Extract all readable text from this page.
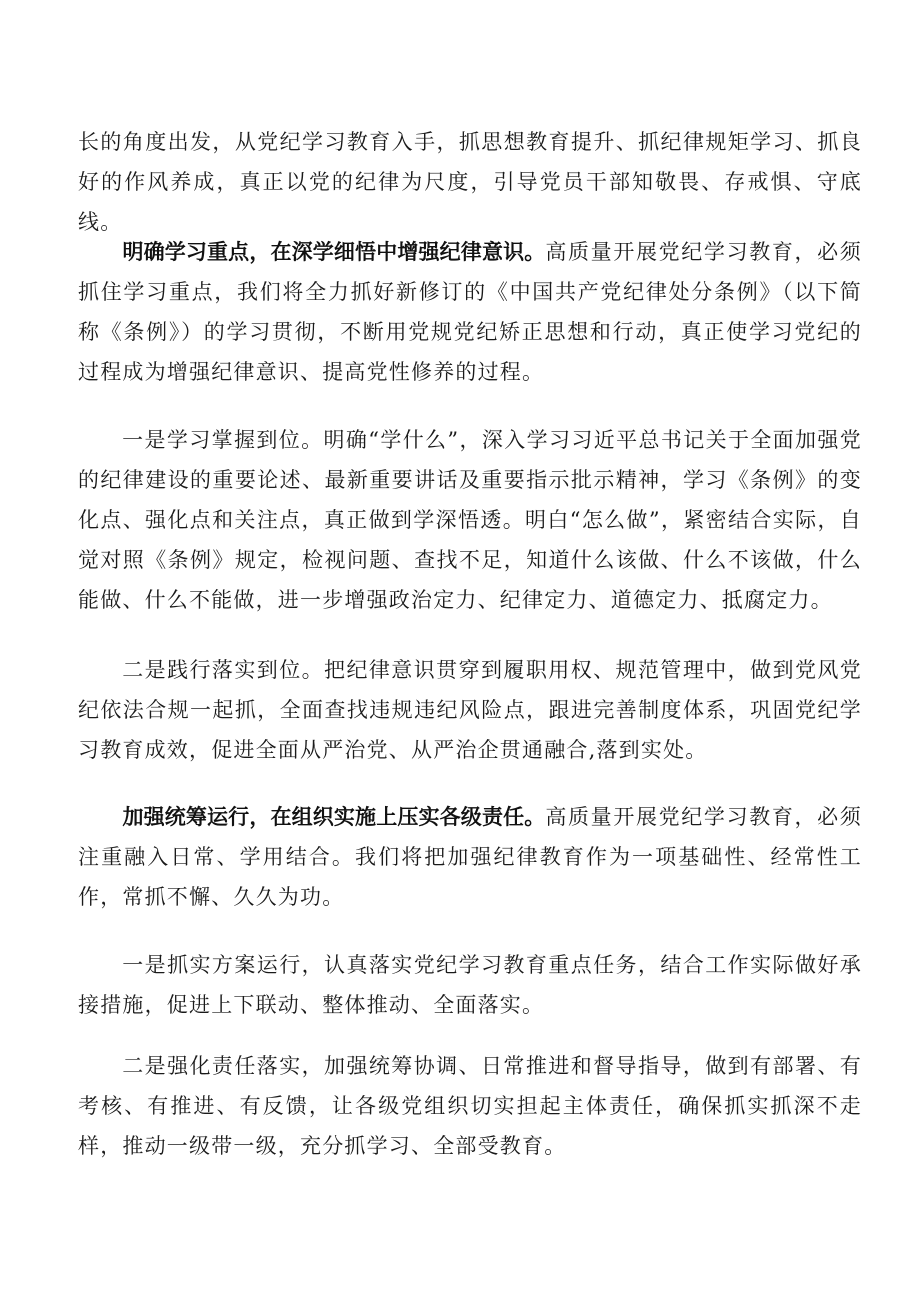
长的角度出发，从党纪学习教育入手，抓思想教育提升、抓纪律规矩学习、抓良好的作风养成，真正以党的纪律为尺度，引导党员干部知敬畏、存戒惧、守底线。

明确学习重点，在深学细悟中增强纪律意识。高质量开展党纪学习教育，必须抓住学习重点，我们将全力抓好新修订的《中国共产党纪律处分条例》（以下简称《条例》）的学习贯彻，不断用党规党纪矫正思想和行动，真正使学习党纪的过程成为增强纪律意识、提高党性修养的过程。

一是学习掌握到位。明确“学什么”，深入学习习近平总书记关于全面加强党的纪律建设的重要论述、最新重要讲话及重要指示批示精神，学习《条例》的变化点、强化点和关注点，真正做到学深悟透。明白“怎么做”，紧密结合实际，自觉对照《条例》规定，检视问题、查找不足，知道什么该做、什么不该做，什么能做、什么不能做，进一步增强政治定力、纪律定力、道德定力、抵腐定力。

二是践行落实到位。把纪律意识贯穿到履职用权、规范管理中，做到党风党纪依法合规一起抓，全面查找违规违纪风险点，跟进完善制度体系，巩固党纪学习教育成效，促进全面从严治党、从严治企贯通融合,落到实处。

加强统筹运行，在组织实施上压实各级责任。高质量开展党纪学习教育，必须注重融入日常、学用结合。我们将把加强纪律教育作为一项基础性、经常性工作，常抓不懈、久久为功。

一是抓实方案运行，认真落实党纪学习教育重点任务，结合工作实际做好承接措施，促进上下联动、整体推动、全面落实。

二是强化责任落实，加强统筹协调、日常推进和督导指导，做到有部署、有考核、有推进、有反馈，让各级党组织切实担起主体责任，确保抓实抓深不走样，推动一级带一级，充分抓学习、全部受教育。
